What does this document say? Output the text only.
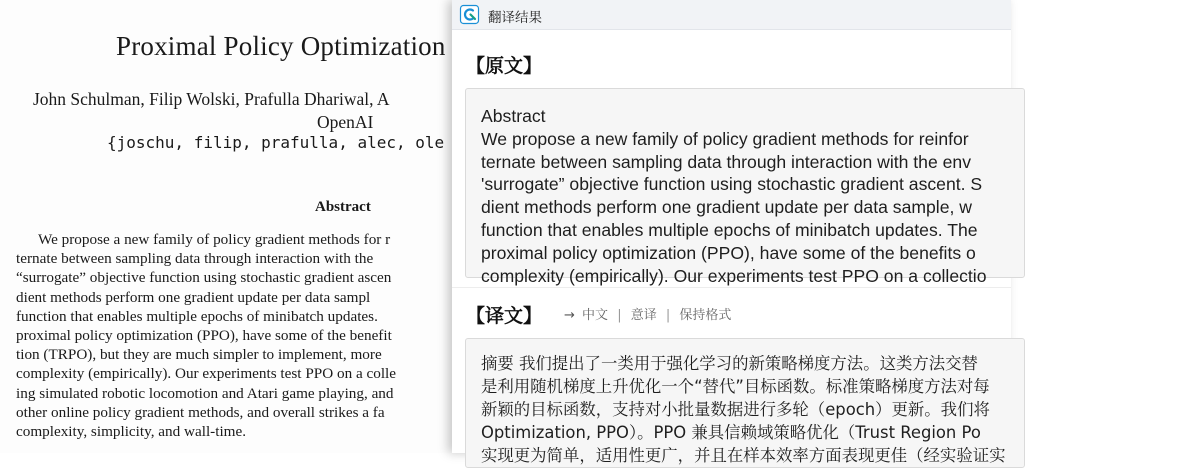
Proximal Policy Optimization
John Schulman, Filip Wolski, Prafulla Dhariwal, A
OpenAI
{joschu, filip, prafulla, alec, ole
Abstract
We propose a new family of policy gradient methods for r
ternate between sampling data through interaction with the
“surrogate” objective function using stochastic gradient ascen
dient methods perform one gradient update per data sampl
function that enables multiple epochs of minibatch updates.
proximal policy optimization (PPO), have some of the benefit
tion (TRPO), but they are much simpler to implement, more
complexity (empirically). Our experiments test PPO on a colle
ing simulated robotic locomotion and Atari game playing, and
other online policy gradient methods, and overall strikes a fa
complexity, simplicity, and wall-time.
翻译结果
【原文】
Abstract
We propose a new family of policy gradient methods for reinfor
ternate between sampling data through interaction with the env
'surrogate” objective function using stochastic gradient ascent. S
dient methods perform one gradient update per data sample, w
function that enables multiple epochs of minibatch updates. The
proximal policy optimization (PPO), have some of the benefits o
complexity (empirically). Our experiments test PPO on a collectio
【译文】 → 中文 | 意译 | 保持格式
摘要 我们提出了一类用于强化学习的新策略梯度方法。这类方法交替
是利用随机梯度上升优化一个“替代”目标函数。标准策略梯度方法对每
新颖的目标函数，支持对小批量数据进行多轮（epoch）更新。我们将
Optimization, PPO）。PPO 兼具信赖域策略优化（Trust Region Po
实现更为简单，适用性更广，并且在样本效率方面表现更佳（经实验证实
